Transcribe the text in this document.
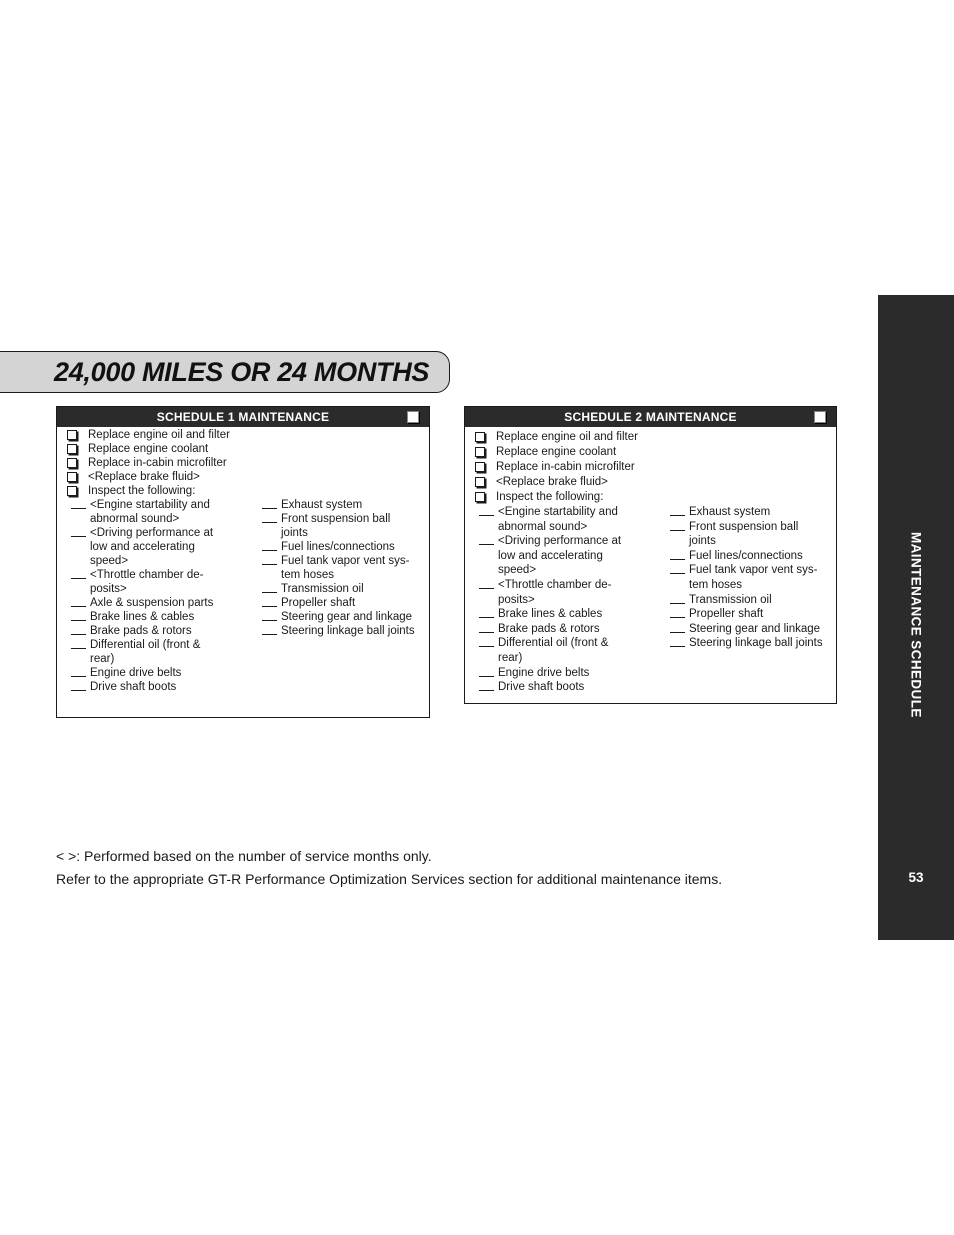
24,000 MILES OR 24 MONTHS
MAINTENANCE SCHEDULE
53
SCHEDULE 1 MAINTENANCE
Replace engine oil and filter
Replace engine coolant
Replace in-cabin microfilter
<Replace brake fluid>
Inspect the following:
<Engine startability and
abnormal sound>
<Driving performance at
low and accelerating
speed>
<Throttle chamber de-
posits>
Axle & suspension parts
Brake lines & cables
Brake pads & rotors
Differential oil (front &
rear)
Engine drive belts
Drive shaft boots
Exhaust system
Front suspension ball
joints
Fuel lines/connections
Fuel tank vapor vent sys-
tem hoses
Transmission oil
Propeller shaft
Steering gear and linkage
Steering linkage ball joints
SCHEDULE 2 MAINTENANCE
Replace engine oil and filter
Replace engine coolant
Replace in-cabin microfilter
<Replace brake fluid>
Inspect the following:
<Engine startability and
abnormal sound>
<Driving performance at
low and accelerating
speed>
<Throttle chamber de-
posits>
Brake lines & cables
Brake pads & rotors
Differential oil (front &
rear)
Engine drive belts
Drive shaft boots
Exhaust system
Front suspension ball
joints
Fuel lines/connections
Fuel tank vapor vent sys-
tem hoses
Transmission oil
Propeller shaft
Steering gear and linkage
Steering linkage ball joints
< >: Performed based on the number of service months only.
Refer to the appropriate GT-R Performance Optimization Services section for additional maintenance items.
